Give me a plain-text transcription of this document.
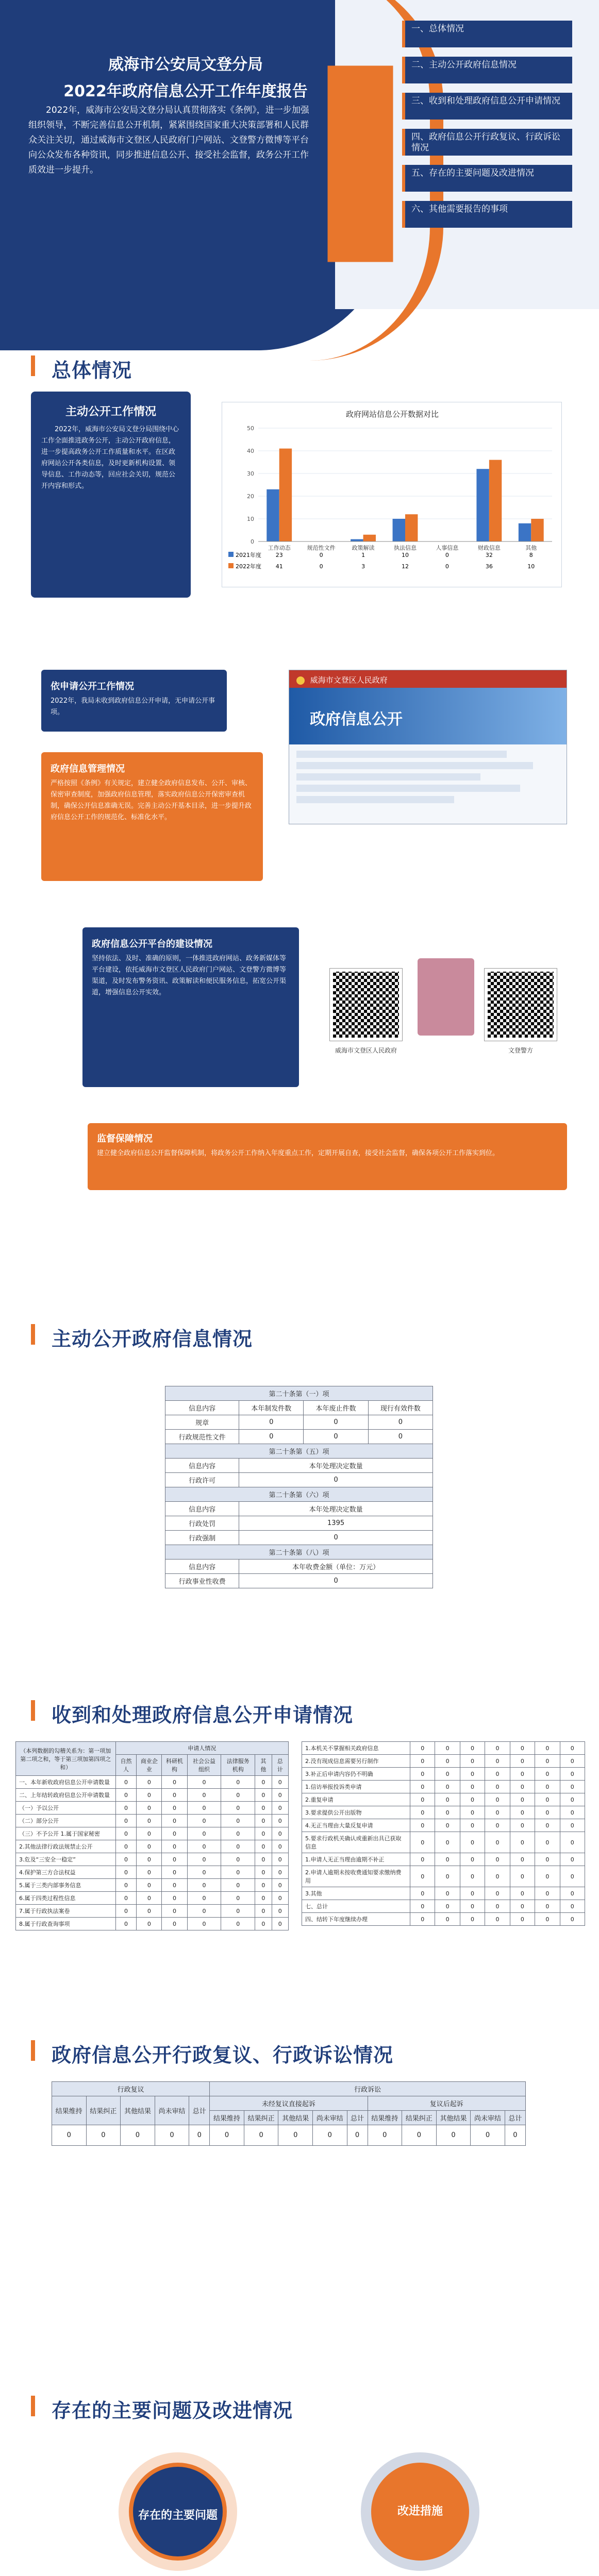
威海市公安局文登分局
2022年政府信息公开工作年度报告
2022年，威海市公安局文登分局认真贯彻落实《条例》，进一步加强组织领导，不断完善信息公开机制，紧紧围绕国家重大决策部署和人民群众关注关切，通过威海市文登区人民政府门户网站、文登警方微博等平台向公众发布各种资讯，同步推进信息公开、接受社会监督，政务公开工作质效进一步提升。
一、总体情况
二、主动公开政府信息情况
三、收到和处理政府信息公开申请情况
四、政府信息公开行政复议、行政诉讼情况
五、存在的主要问题及改进情况
六、其他需要报告的事项
总体情况
主动公开工作情况
2022年，威海市公安局文登分局围绕中心工作全面推进政务公开，主动公开政府信息，进一步提高政务公开工作质量和水平。在区政府网站公开各类信息，及时更新机构设置、领导信息、工作动态等，回应社会关切，规范公开内容和形式。
政府网站信息公开数据对比
0
10
20
30
40
50
工作动态	规范性文件	政策解读	执法信息	人事信息	财政信息	其他
2021年度	23	0	1	10	0	32	8
2022年度	41	0	3	12	0	36	10
依申请公开工作情况
2022年，我局未收到政府信息公开申请，无申请公开事项。
威海市文登区人民政府
政府信息公开
政府信息管理情况
严格按照《条例》有关规定，建立健全政府信息发布、公开、审核、保密审查制度，加强政府信息管理，落实政府信息公开保密审查机制，确保公开信息准确无误。完善主动公开基本目录，进一步提升政府信息公开工作的规范化、标准化水平。
政府信息公开平台的建设情况
坚持依法、及时、准确的原则，一体推进政府网站、政务新媒体等平台建设，依托威海市文登区人民政府门户网站、文登警方微博等渠道，及时发布警务资讯、政策解读和便民服务信息，拓宽公开渠道，增强信息公开实效。
威海市文登区人民政府	文登警方
监督保障情况
建立健全政府信息公开监督保障机制，将政务公开工作纳入年度重点工作，定期开展自查，接受社会监督，确保各项公开工作落实到位。
主动公开政府信息情况
第二十条第（一）项			
信息内容	本年制发件数	本年废止件数	现行有效件数
规章	0	0	0
行政规范性文件	0	0	0
第二十条第（五）项			
信息内容	本年处理决定数量		
行政许可	0		
第二十条第（六）项			
信息内容	本年处理决定数量		
行政处罚	1395		
行政强制	0		
第二十条第（八）项			
信息内容	本年收费金额（单位：万元）		
行政事业性收费	0		
收到和处理政府信息公开申请情况
（本列数据的勾稽关系为：第一项加第二项之和，等于第三项加第四项之和）	申请人情况						
	自然人	商业企业	科研机构	社会公益组织	法律服务机构	其他	总计
一、本年新收政府信息公开申请数量	0	0	0	0	0	0	0
二、上年结转政府信息公开申请数量	0	0	0	0	0	0	0
（一）予以公开	0	0	0	0	0	0	0
（二）部分公开	0	0	0	0	0	0	0
（三）不予公开 1.属于国家秘密	0	0	0	0	0	0	0
2.其他法律行政法规禁止公开	0	0	0	0	0	0	0
3.危及“三安全一稳定”	0	0	0	0	0	0	0
4.保护第三方合法权益	0	0	0	0	0	0	0
5.属于三类内部事务信息	0	0	0	0	0	0	0
6.属于四类过程性信息	0	0	0	0	0	0	0
7.属于行政执法案卷	0	0	0	0	0	0	0
8.属于行政查询事项	0	0	0	0	0	0	0
1.本机关不掌握相关政府信息	0	0	0	0	0	0	0
2.没有现成信息需要另行制作	0	0	0	0	0	0	0
3.补正后申请内容仍不明确	0	0	0	0	0	0	0
1.信访举报投诉类申请	0	0	0	0	0	0	0
2.重复申请	0	0	0	0	0	0	0
3.要求提供公开出版物	0	0	0	0	0	0	0
4.无正当理由大量反复申请	0	0	0	0	0	0	0
5.要求行政机关确认或重新出具已获取信息	0	0	0	0	0	0	0
1.申请人无正当理由逾期不补正	0	0	0	0	0	0	0
2.申请人逾期未按收费通知要求缴纳费用	0	0	0	0	0	0	0
3.其他	0	0	0	0	0	0	0
七、总计	0	0	0	0	0	0	0
四、结转下年度继续办理	0	0	0	0	0	0	0
政府信息公开行政复议、行政诉讼情况
行政复议					行政诉讼									
结果维持	结果纠正	其他结果	尚未审结	总计	未经复议直接起诉					复议后起诉				
					结果维持	结果纠正	其他结果	尚未审结	总计	结果维持	结果纠正	其他结果	尚未审结	总计
0	0	0	0	0	0	0	0	0	0	0	0	0	0	0
存在的主要问题及改进情况
存在的主要问题	改进措施
